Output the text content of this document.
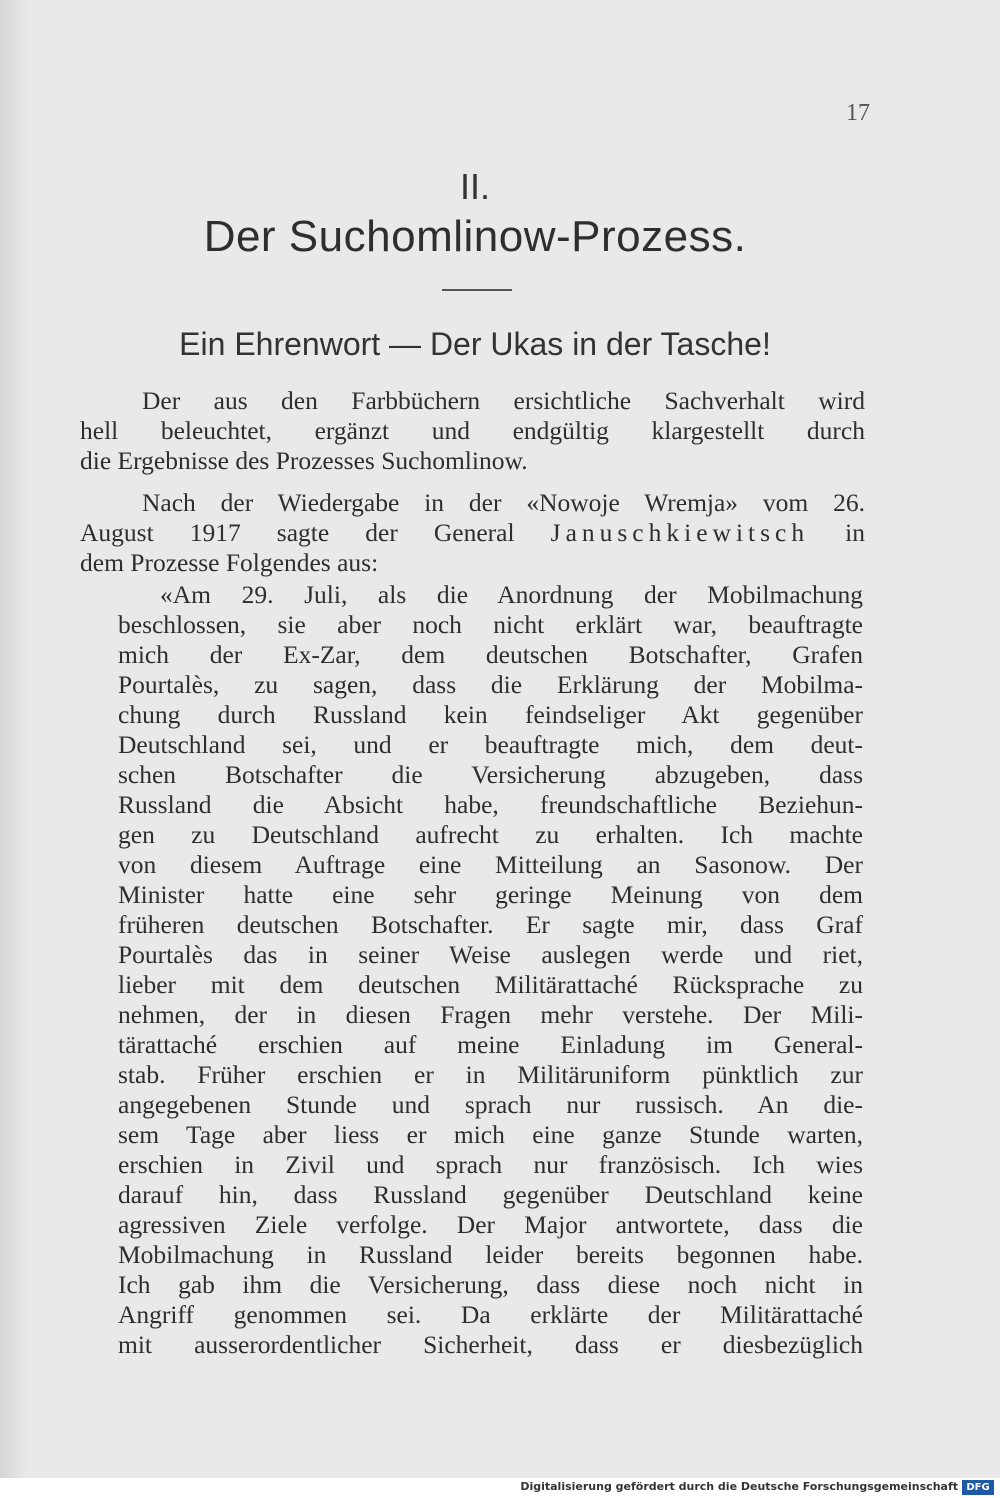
17
II.
Der Suchomlinow-Prozess.
Ein Ehrenwort — Der Ukas in der Tasche!
Der aus den Farbbüchern ersichtliche Sachverhalt wird
hell beleuchtet, ergänzt und endgültig klargestellt durch
die Ergebnisse des Prozesses Suchomlinow.
Nach der Wiedergabe in der «Nowoje Wremja» vom 26.
August 1917 sagte der General Januschkiewitsch in
dem Prozesse Folgendes aus:
«Am 29. Juli, als die Anordnung der Mobilmachung
beschlossen, sie aber noch nicht erklärt war, beauftragte
mich der Ex-Zar, dem deutschen Botschafter, Grafen
Pourtalès, zu sagen, dass die Erklärung der Mobilma-
chung durch Russland kein feindseliger Akt gegenüber
Deutschland sei, und er beauftragte mich, dem deut-
schen Botschafter die Versicherung abzugeben, dass
Russland die Absicht habe, freundschaftliche Beziehun-
gen zu Deutschland aufrecht zu erhalten. Ich machte
von diesem Auftrage eine Mitteilung an Sasonow. Der
Minister hatte eine sehr geringe Meinung von dem
früheren deutschen Botschafter. Er sagte mir, dass Graf
Pourtalès das in seiner Weise auslegen werde und riet,
lieber mit dem deutschen Militärattaché Rücksprache zu
nehmen, der in diesen Fragen mehr verstehe. Der Mili-
tärattaché erschien auf meine Einladung im General-
stab. Früher erschien er in Militäruniform pünktlich zur
angegebenen Stunde und sprach nur russisch. An die-
sem Tage aber liess er mich eine ganze Stunde warten,
erschien in Zivil und sprach nur französisch. Ich wies
darauf hin, dass Russland gegenüber Deutschland keine
agressiven Ziele verfolge. Der Major antwortete, dass die
Mobilmachung in Russland leider bereits begonnen habe.
Ich gab ihm die Versicherung, dass diese noch nicht in
Angriff genommen sei. Da erklärte der Militärattaché
mit ausserordentlicher Sicherheit, dass er diesbezüglich
Digitalisierung gefördert durch die Deutsche Forschungsgemeinschaft DFG
